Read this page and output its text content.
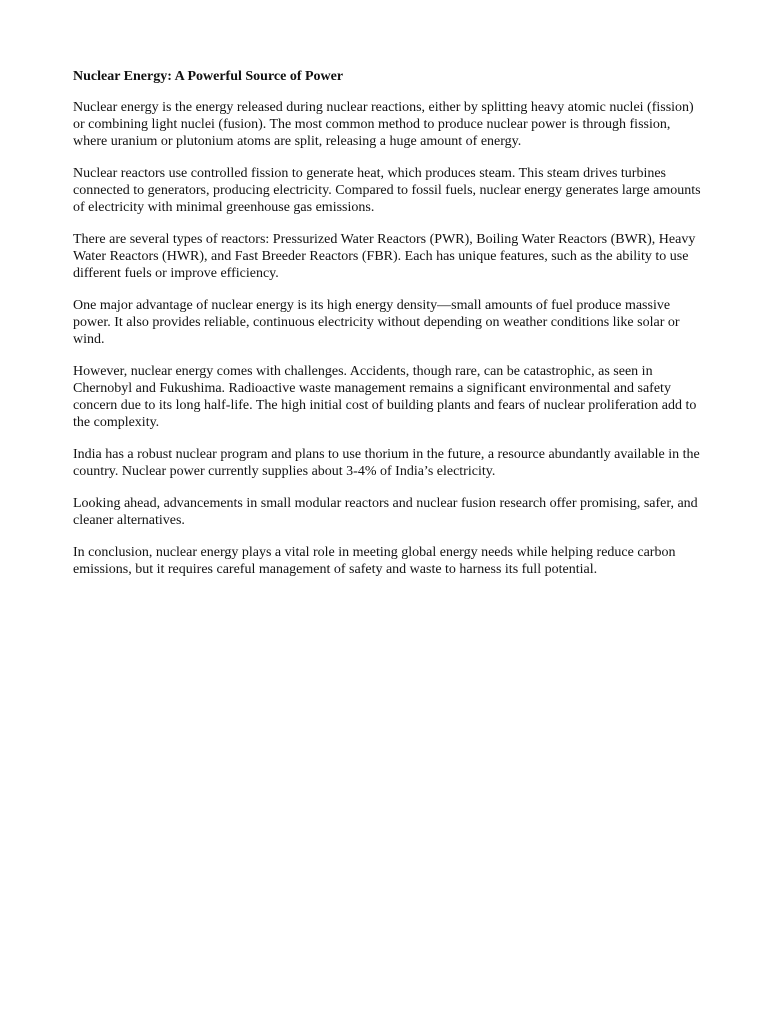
Nuclear Energy: A Powerful Source of Power

Nuclear energy is the energy released during nuclear reactions, either by splitting heavy atomic nuclei (fission) or combining light nuclei (fusion). The most common method to produce nuclear power is through fission, where uranium or plutonium atoms are split, releasing a huge amount of energy.

Nuclear reactors use controlled fission to generate heat, which produces steam. This steam drives turbines connected to generators, producing electricity. Compared to fossil fuels, nuclear energy generates large amounts of electricity with minimal greenhouse gas emissions.

There are several types of reactors: Pressurized Water Reactors (PWR), Boiling Water Reactors (BWR), Heavy Water Reactors (HWR), and Fast Breeder Reactors (FBR). Each has unique features, such as the ability to use different fuels or improve efficiency.

One major advantage of nuclear energy is its high energy density—small amounts of fuel produce massive power. It also provides reliable, continuous electricity without depending on weather conditions like solar or wind.

However, nuclear energy comes with challenges. Accidents, though rare, can be catastrophic, as seen in Chernobyl and Fukushima. Radioactive waste management remains a significant environmental and safety concern due to its long half-life. The high initial cost of building plants and fears of nuclear proliferation add to the complexity.

India has a robust nuclear program and plans to use thorium in the future, a resource abundantly available in the country. Nuclear power currently supplies about 3-4% of India’s electricity.

Looking ahead, advancements in small modular reactors and nuclear fusion research offer promising, safer, and cleaner alternatives.

In conclusion, nuclear energy plays a vital role in meeting global energy needs while helping reduce carbon emissions, but it requires careful management of safety and waste to harness its full potential.
